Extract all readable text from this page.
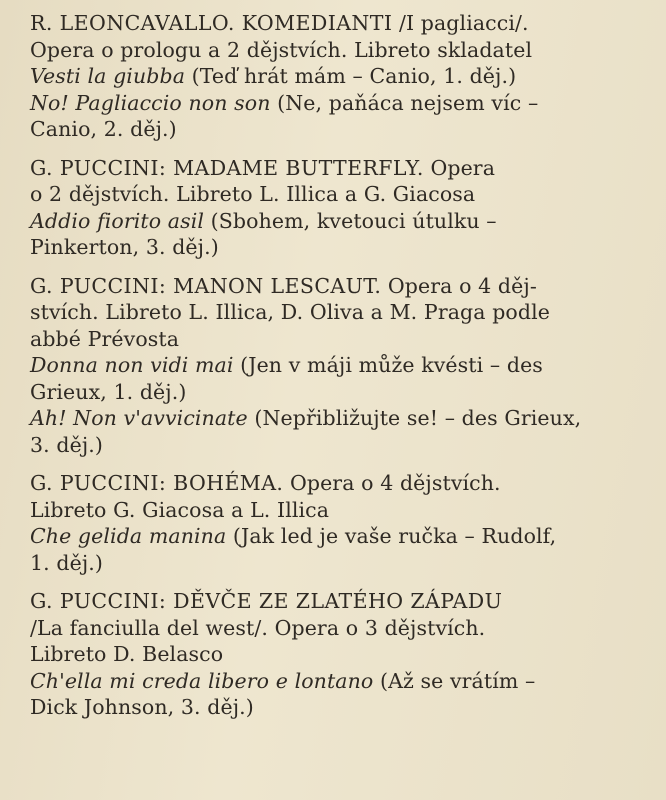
R. LEONCAVALLO. KOMEDIANTI /I pagliacci/.
Opera o prologu a 2 dějstvích. Libreto skladatel
Vesti la giubba (Teď hrát mám – Canio, 1. děj.)
No! Pagliaccio non son (Ne, paňáca nejsem víc –
Canio, 2. děj.)
G. PUCCINI: MADAME BUTTERFLY. Opera
o 2 dějstvích. Libreto L. Illica a G. Giacosa
Addio fiorito asil (Sbohem, kvetouci útulku –
Pinkerton, 3. děj.)
G. PUCCINI: MANON LESCAUT. Opera o 4 děj-
stvích. Libreto L. Illica, D. Oliva a M. Praga podle
abbé Prévosta
Donna non vidi mai (Jen v máji může kvésti – des
Grieux, 1. děj.)
Ah! Non v'avvicinate (Nepřibližujte se! – des Grieux,
3. děj.)
G. PUCCINI: BOHÉMA. Opera o 4 dějstvích.
Libreto G. Giacosa a L. Illica
Che gelida manina (Jak led je vaše ručka – Rudolf,
1. děj.)
G. PUCCINI: DĚVČE ZE ZLATÉHO ZÁPADU
/La fanciulla del west/. Opera o 3 dějstvích.
Libreto D. Belasco
Ch'ella mi creda libero e lontano (Až se vrátím –
Dick Johnson, 3. děj.)
